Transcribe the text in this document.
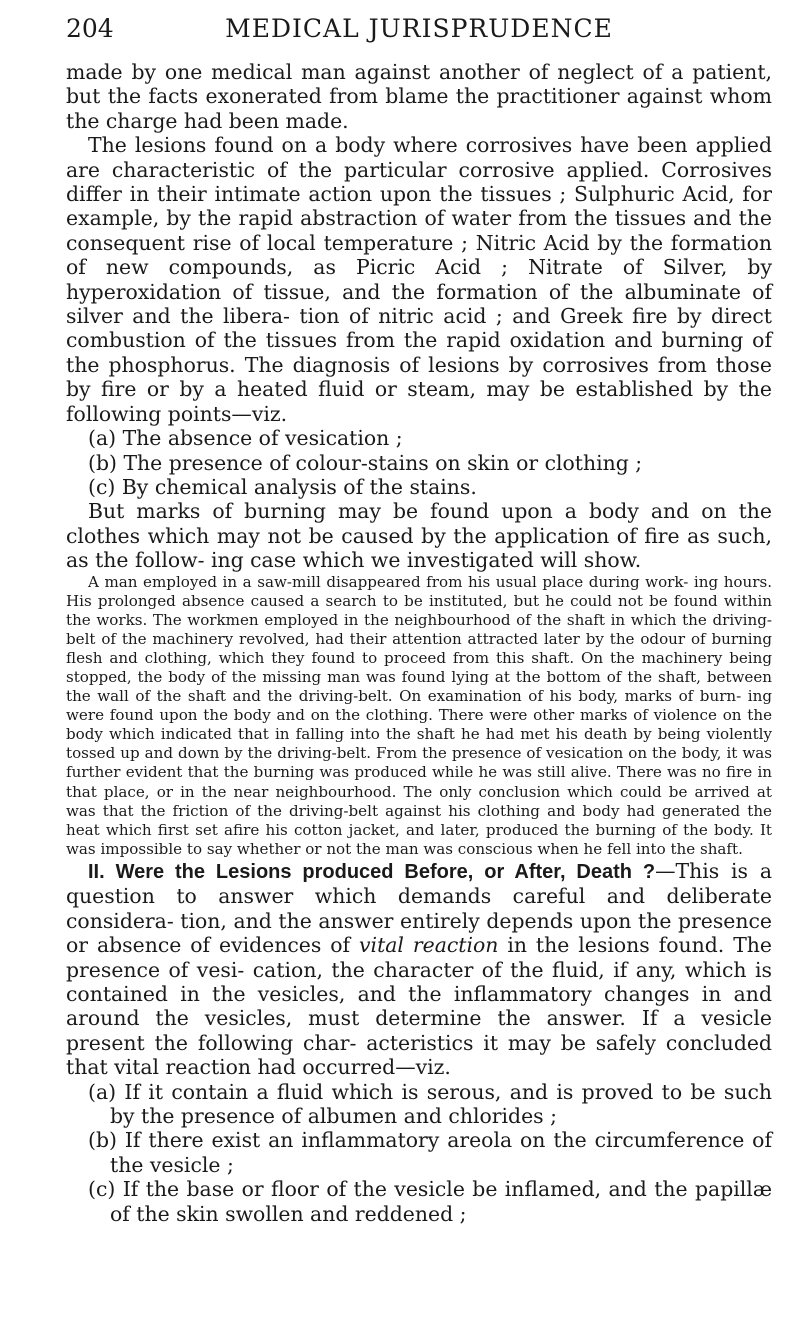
204	MEDICAL JURISPRUDENCE

made by one medical man against another of neglect of a patient, but the facts exonerated from blame the practitioner against whom the charge had been made.

The lesions found on a body where corrosives have been applied are characteristic of the particular corrosive applied. Corrosives differ in their intimate action upon the tissues ; Sulphuric Acid, for example, by the rapid abstraction of water from the tissues and the consequent rise of local temperature ; Nitric Acid by the formation of new compounds, as Picric Acid ; Nitrate of Silver, by hyperoxidation of tissue, and the formation of the albuminate of silver and the libera- tion of nitric acid ; and Greek fire by direct combustion of the tissues from the rapid oxidation and burning of the phosphorus. The diagnosis of lesions by corrosives from those by fire or by a heated fluid or steam, may be established by the following points—viz.

(a) The absence of vesication ;

(b) The presence of colour-stains on skin or clothing ;

(c) By chemical analysis of the stains.

But marks of burning may be found upon a body and on the clothes which may not be caused by the application of fire as such, as the follow- ing case which we investigated will show.

A man employed in a saw-mill disappeared from his usual place during work- ing hours. His prolonged absence caused a search to be instituted, but he could not be found within the works. The workmen employed in the neighbourhood of the shaft in which the driving-belt of the machinery revolved, had their attention attracted later by the odour of burning flesh and clothing, which they found to proceed from this shaft. On the machinery being stopped, the body of the missing man was found lying at the bottom of the shaft, between the wall of the shaft and the driving-belt. On examination of his body, marks of burn- ing were found upon the body and on the clothing. There were other marks of violence on the body which indicated that in falling into the shaft he had met his death by being violently tossed up and down by the driving-belt. From the presence of vesication on the body, it was further evident that the burning was produced while he was still alive. There was no fire in that place, or in the near neighbourhood. The only conclusion which could be arrived at was that the friction of the driving-belt against his clothing and body had generated the heat which first set afire his cotton jacket, and later, produced the burning of the body. It was impossible to say whether or not the man was conscious when he fell into the shaft.

II. Were the Lesions produced Before, or After, Death ?—This is a question to answer which demands careful and deliberate considera- tion, and the answer entirely depends upon the presence or absence of evidences of vital reaction in the lesions found. The presence of vesi- cation, the character of the fluid, if any, which is contained in the vesicles, and the inflammatory changes in and around the vesicles, must determine the answer. If a vesicle present the following char- acteristics it may be safely concluded that vital reaction had occurred—viz.

(a) If it contain a fluid which is serous, and is proved to be such by the presence of albumen and chlorides ;

(b) If there exist an inflammatory areola on the circumference of the vesicle ;

(c) If the base or floor of the vesicle be inflamed, and the papillæ of the skin swollen and reddened ;
